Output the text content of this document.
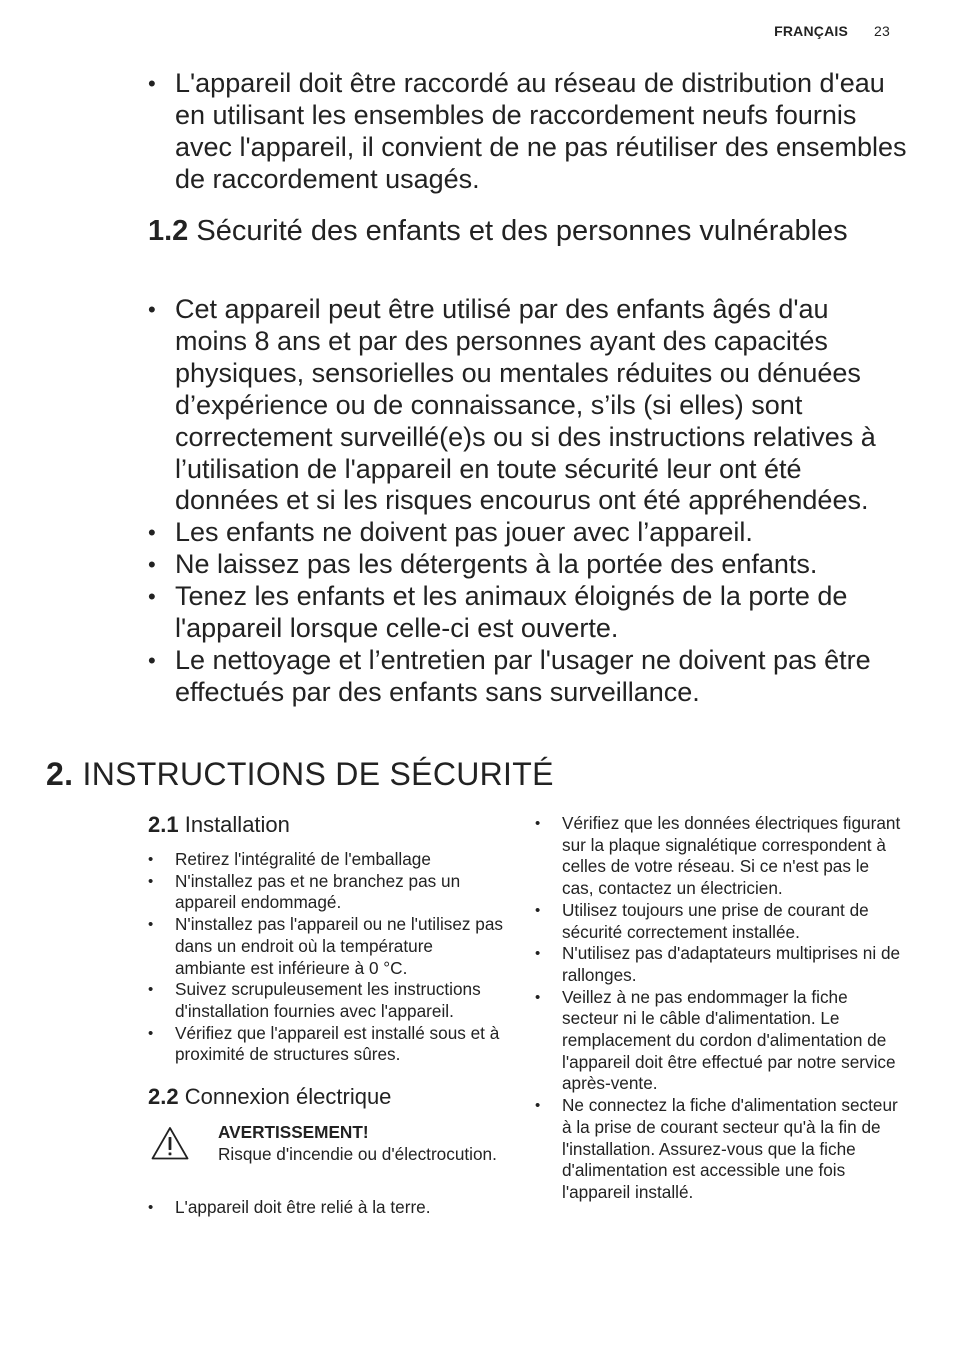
FRANÇAIS 23
• L'appareil doit être raccordé au réseau de distribution d'eau en utilisant les ensembles de raccordement neufs fournis avec l'appareil, il convient de ne pas réutiliser des ensembles de raccordement usagés.
1.2 Sécurité des enfants et des personnes vulnérables
• Cet appareil peut être utilisé par des enfants âgés d'au moins 8 ans et par des personnes ayant des capacités physiques, sensorielles ou mentales réduites ou dénuées d’expérience ou de connaissance, s’ils (si elles) sont correctement surveillé(e)s ou si des instructions relatives à l’utilisation de l'appareil en toute sécurité leur ont été données et si les risques encourus ont été appréhendées.
• Les enfants ne doivent pas jouer avec l’appareil.
• Ne laissez pas les détergents à la portée des enfants.
• Tenez les enfants et les animaux éloignés de la porte de l'appareil lorsque celle-ci est ouverte.
• Le nettoyage et l’entretien par l'usager ne doivent pas être effectués par des enfants sans surveillance.
2. INSTRUCTIONS DE SÉCURITÉ
2.1 Installation
• Retirez l'intégralité de l'emballage
• N'installez pas et ne branchez pas un appareil endommagé.
• N'installez pas l'appareil ou ne l'utilisez pas dans un endroit où la température ambiante est inférieure à 0 °C.
• Suivez scrupuleusement les instructions d'installation fournies avec l'appareil.
• Vérifiez que l'appareil est installé sous et à proximité de structures sûres.
2.2 Connexion électrique
AVERTISSEMENT!
Risque d'incendie ou d'électrocution.
• L'appareil doit être relié à la terre.
• Vérifiez que les données électriques figurant sur la plaque signalétique correspondent à celles de votre réseau. Si ce n'est pas le cas, contactez un électricien.
• Utilisez toujours une prise de courant de sécurité correctement installée.
• N'utilisez pas d'adaptateurs multiprises ni de rallonges.
• Veillez à ne pas endommager la fiche secteur ni le câble d'alimentation. Le remplacement du cordon d'alimentation de l'appareil doit être effectué par notre service après-vente.
• Ne connectez la fiche d'alimentation secteur à la prise de courant secteur qu'à la fin de l'installation. Assurez-vous que la fiche d'alimentation est accessible une fois l'appareil installé.
